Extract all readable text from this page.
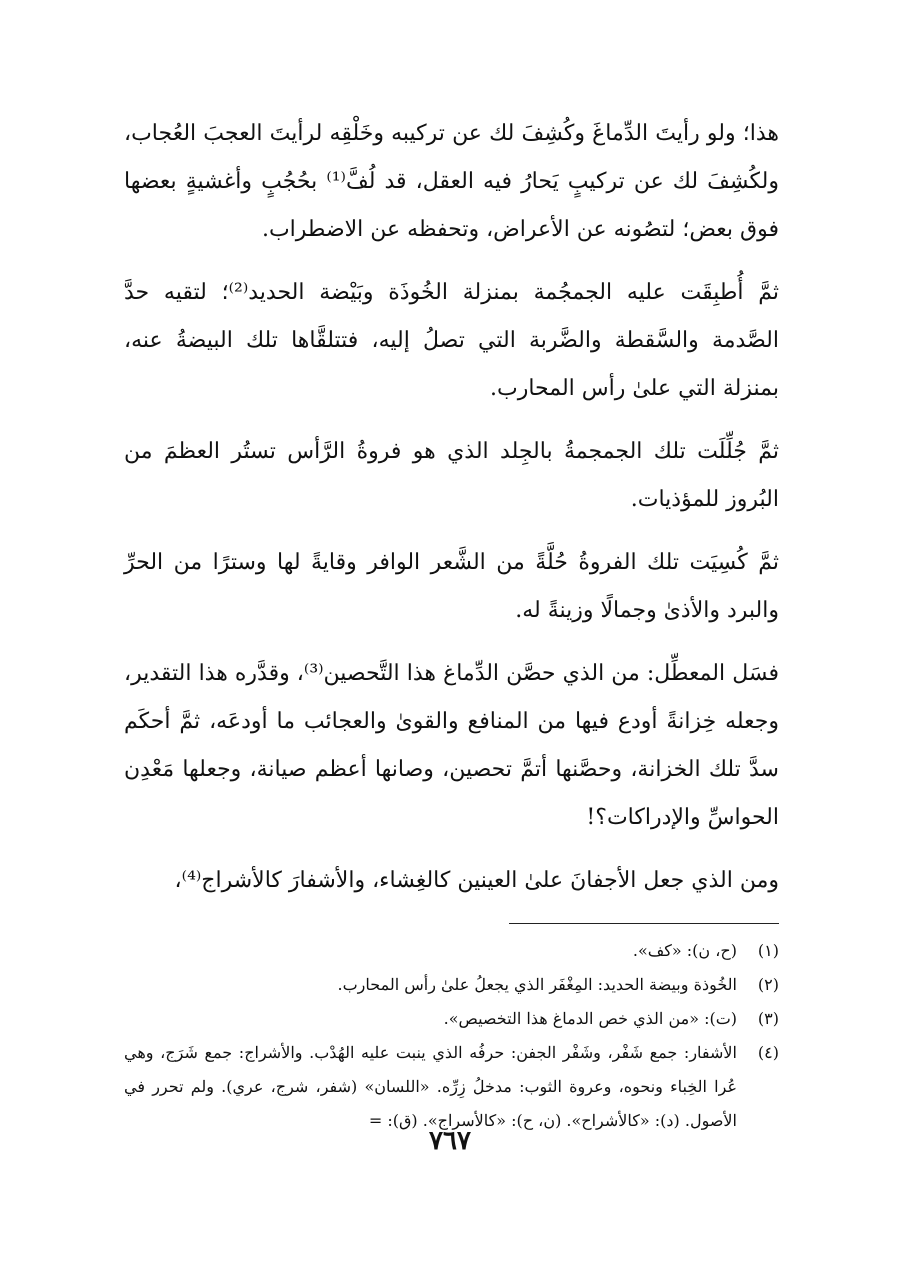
هذا؛ ولو رأيتَ الدِّماغَ وكُشِفَ لك عن تركيبه وخَلْقِه لرأيتَ العجبَ العُجاب، ولكُشِفَ لك عن تركيبٍ يَحارُ فيه العقل، قد لُفَّ⁽¹⁾ بحُجُبٍ وأغشيةٍ بعضها فوق بعض؛ لتصُونه عن الأعراض، وتحفظه عن الاضطراب.

ثمَّ أُطبِقَت عليه الجمجُمة بمنزلة الخُوذَة وبَيْضة الحديد⁽²⁾؛ لتقيه حدَّ الصَّدمة والسَّقطة والضَّربة التي تصلُ إليه، فتتلقَّاها تلك البيضةُ عنه، بمنزلة التي علىٰ رأس المحارب.

ثمَّ جُلِّلَت تلك الجمجمةُ بالجِلد الذي هو فروةُ الرَّأس تستُر العظمَ من البُروز للمؤذيات.

ثمَّ كُسِيَت تلك الفروةُ حُلَّةً من الشَّعر الوافر وقايةً لها وسترًا من الحرِّ والبرد والأذىٰ وجمالًا وزينةً له.

فسَل المعطِّل: من الذي حصَّن الدِّماغ هذا التَّحصين⁽³⁾، وقدَّره هذا التقدير، وجعله خِزانةً أودع فيها من المنافع والقوىٰ والعجائب ما أودعَه، ثمَّ أحكَم سدَّ تلك الخزانة، وحصَّنها أتمَّ تحصين، وصانها أعظم صيانة، وجعلها مَعْدِن الحواسِّ والإدراكات؟!

ومن الذي جعل الأجفانَ علىٰ العينين كالغِشاء، والأشفارَ كالأشراج⁽⁴⁾،

(١)
(ح، ن): «كف».
(٢)
الخُوذة وبيضة الحديد: المِغْفَر الذي يجعلُ علىٰ رأس المحارب.
(٣)
(ت): «من الذي خص الدماغ هذا التخصيص».
(٤)
الأشفار: جمع شَفْر، وشَفْر الجفن: حرفُه الذي ينبت عليه الهُدْب. والأشراج: جمع شَرَج، وهي عُرا الخِباء ونحوه، وعروة الثوب: مدخلُ زِرِّه. «اللسان» (شفر، شرج، عري). ولم تحرر في الأصول. (د): «كالأشراح». (ن، ح): «كالأسراج». (ق): =
٧٦٧
